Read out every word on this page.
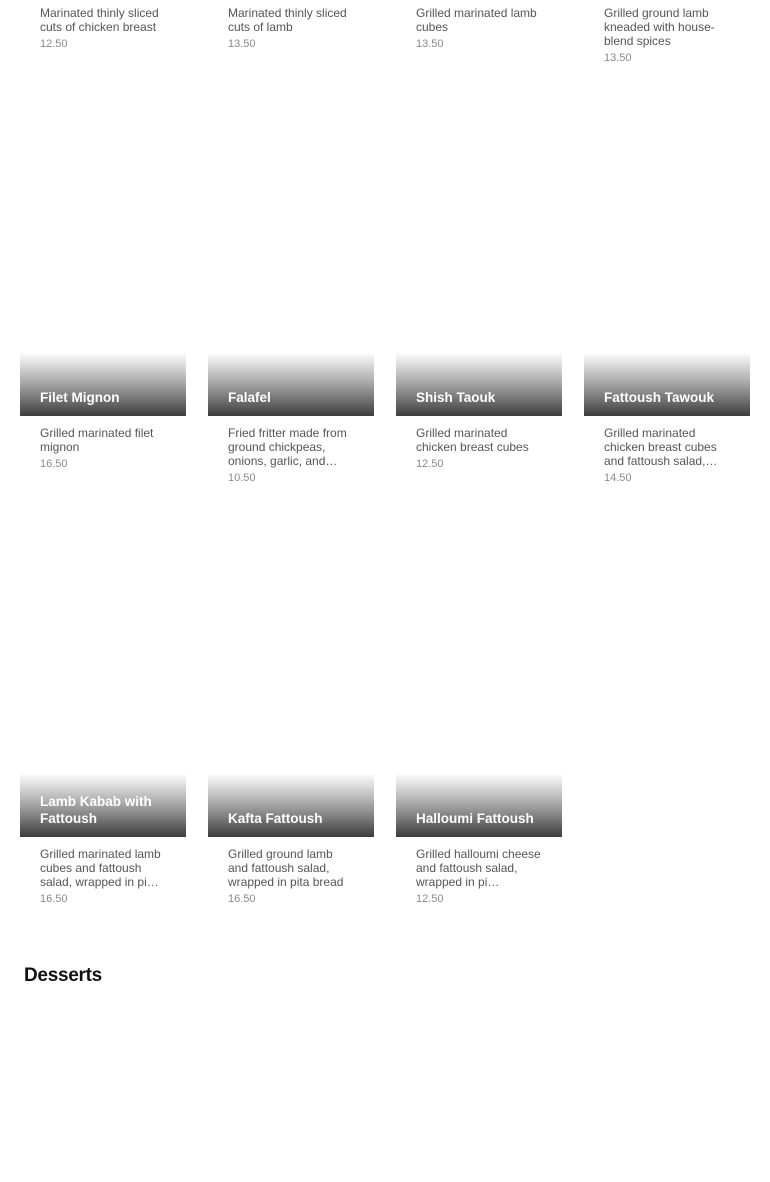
Marinated thinly sliced cuts of chicken breast

12.50

Marinated thinly sliced cuts of lamb

13.50

Grilled marinated lamb cubes

13.50

Grilled ground lamb kneaded with house-blend spices

13.50
Filet Mignon

Grilled marinated filet mignon

16.50
Falafel

Fried fritter made from ground chickpeas, onions, garlic, and…

10.50
Shish Taouk

Grilled marinated chicken breast cubes

12.50
Fattoush Tawouk

Grilled marinated chicken breast cubes and fattoush salad,…

14.50
Lamb Kabab with Fattoush

Grilled marinated lamb cubes and fattoush salad, wrapped in pi…

16.50
Kafta Fattoush

Grilled ground lamb and fattoush salad, wrapped in pita bread

16.50
Halloumi Fattoush

Grilled halloumi cheese and fattoush salad, wrapped in pi…

12.50
Desserts
